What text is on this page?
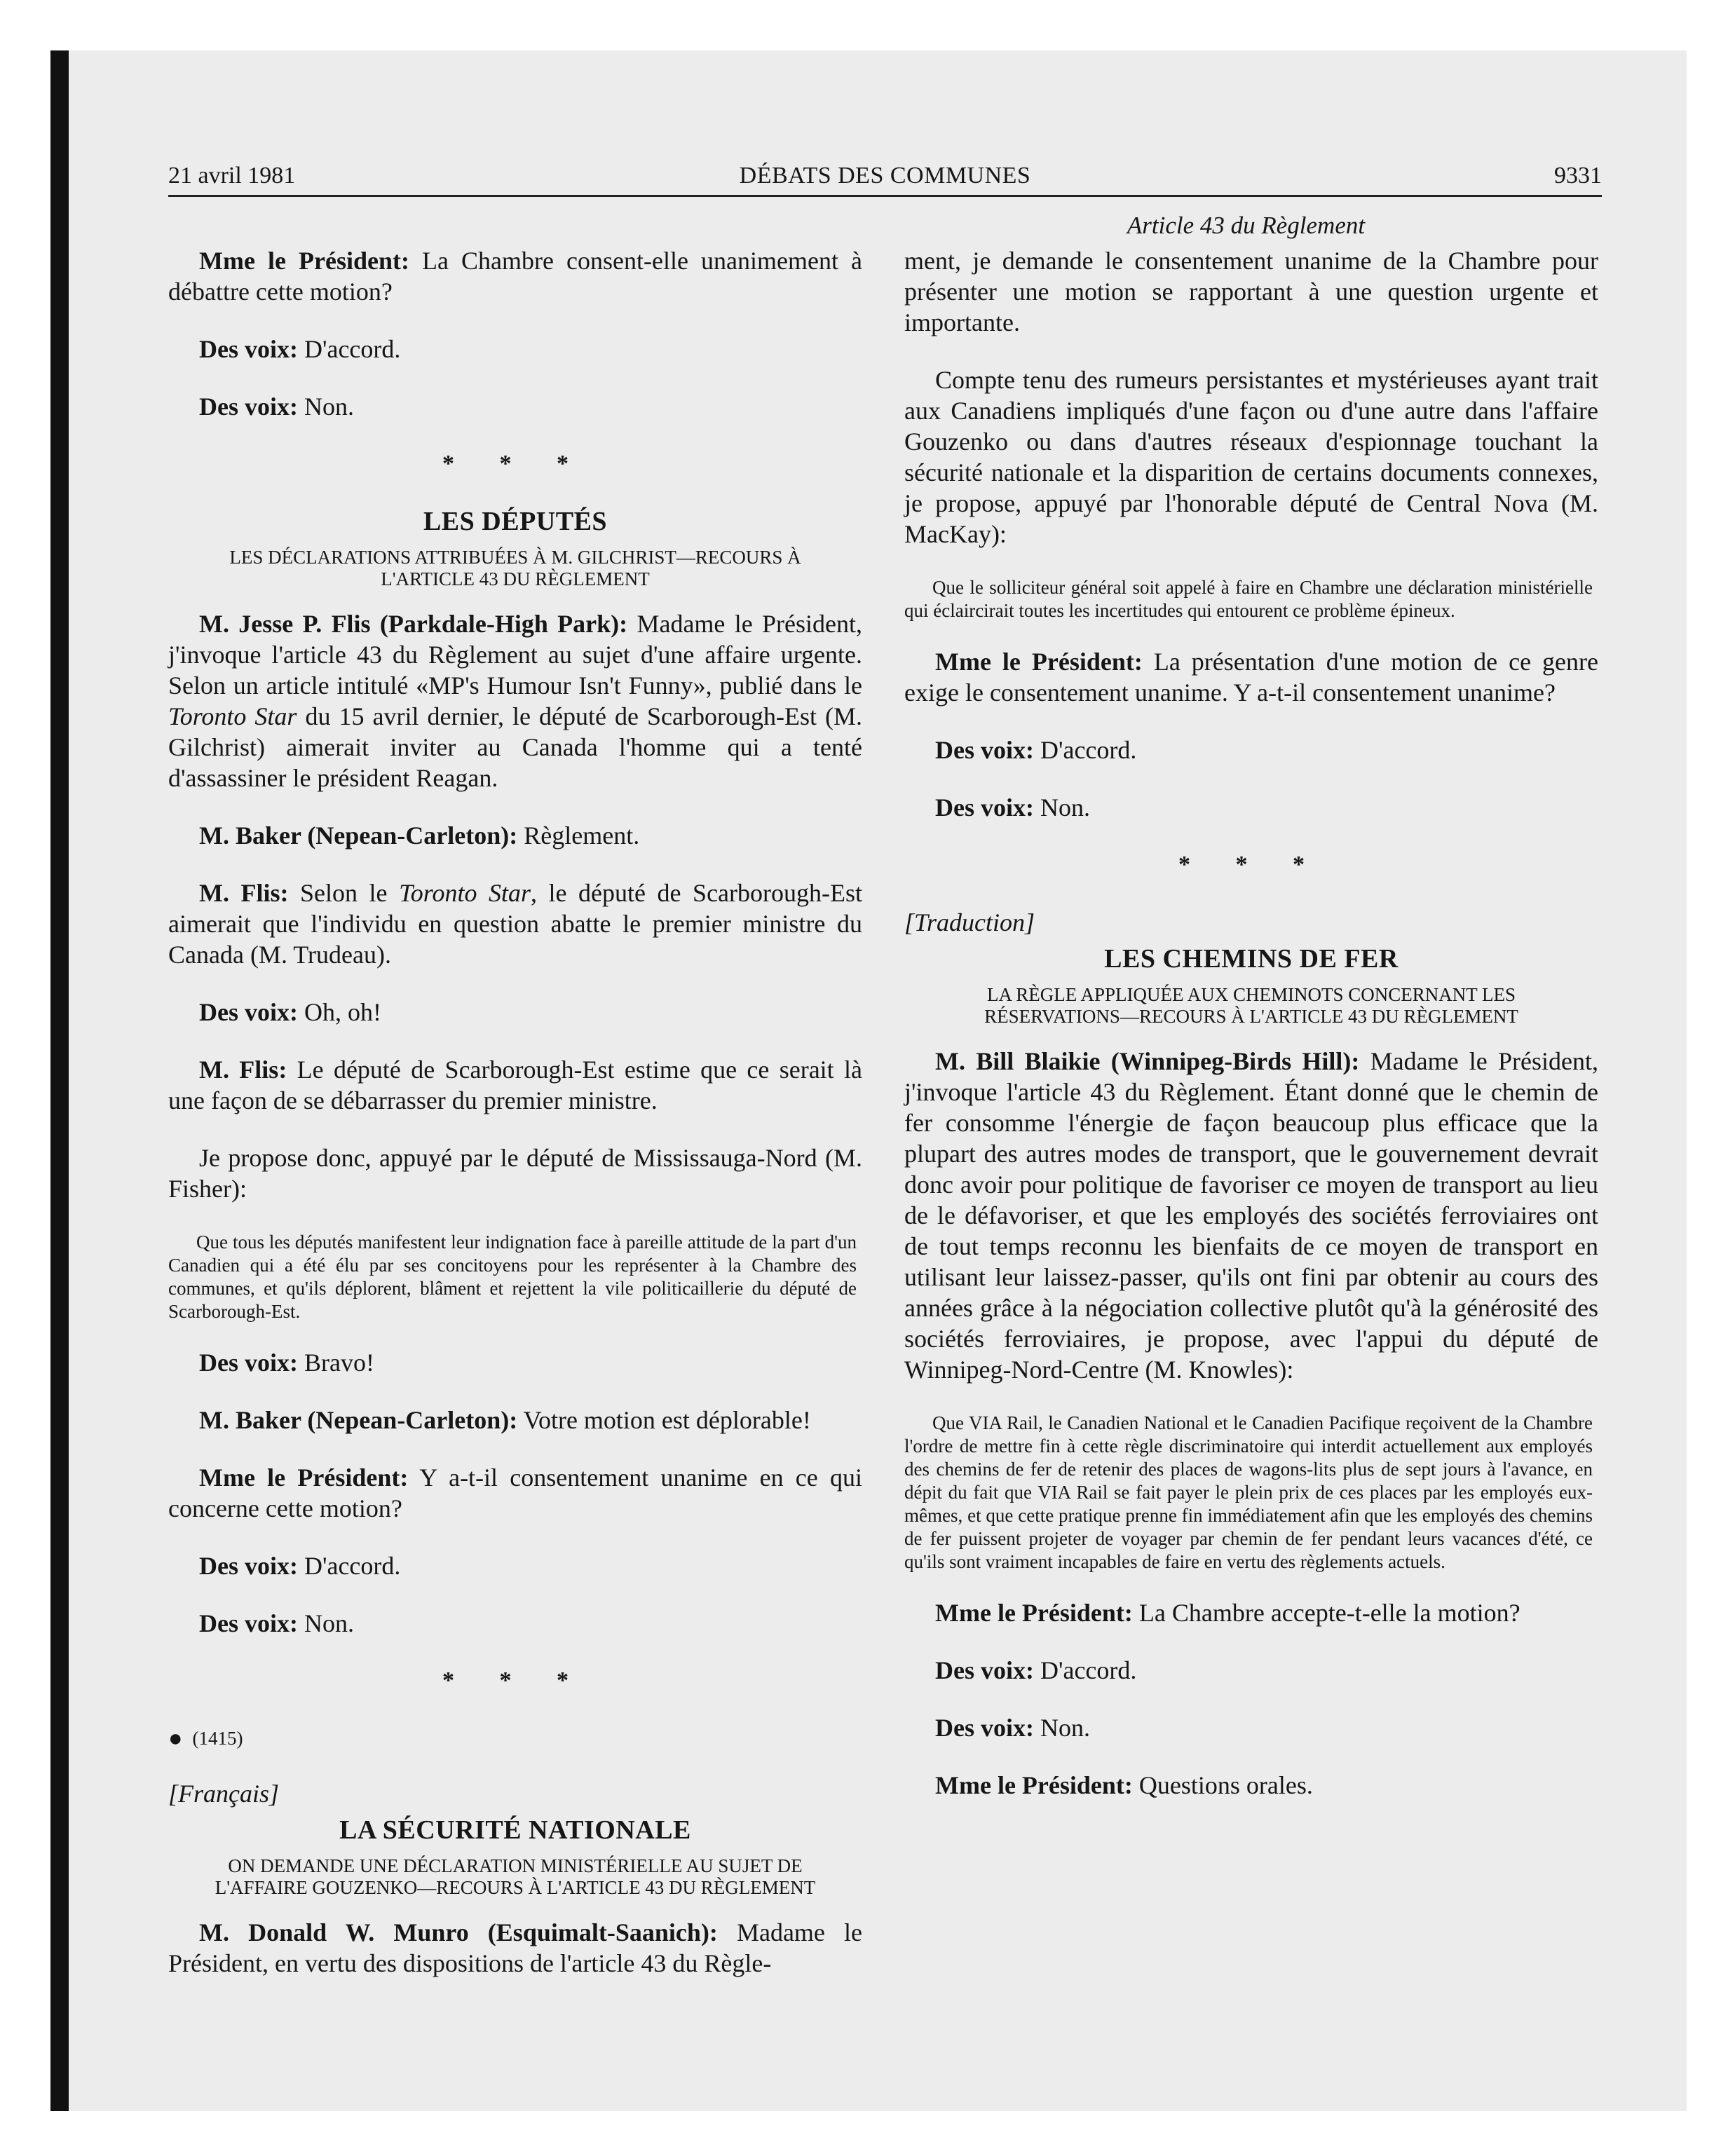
21 avril 1981	DÉBATS DES COMMUNES	9331
Article 43 du Règlement

Mme le Président: La Chambre consent-elle unanimement à débattre cette motion?

Des voix: D'accord.

Des voix: Non.

* * *

LES DÉPUTÉS

LES DÉCLARATIONS ATTRIBUÉES À M. GILCHRIST—RECOURS À L'ARTICLE 43 DU RÈGLEMENT

M. Jesse P. Flis (Parkdale-High Park): Madame le Président, j'invoque l'article 43 du Règlement au sujet d'une affaire urgente. Selon un article intitulé «MP's Humour Isn't Funny», publié dans le Toronto Star du 15 avril dernier, le député de Scarborough-Est (M. Gilchrist) aimerait inviter au Canada l'homme qui a tenté d'assassiner le président Reagan.

M. Baker (Nepean-Carleton): Règlement.

M. Flis: Selon le Toronto Star, le député de Scarborough-Est aimerait que l'individu en question abatte le premier ministre du Canada (M. Trudeau).

Des voix: Oh, oh!

M. Flis: Le député de Scarborough-Est estime que ce serait là une façon de se débarrasser du premier ministre.

Je propose donc, appuyé par le député de Mississauga-Nord (M. Fisher):

Que tous les députés manifestent leur indignation face à pareille attitude de la part d'un Canadien qui a été élu par ses concitoyens pour les représenter à la Chambre des communes, et qu'ils déplorent, blâment et rejettent la vile politicaillerie du député de Scarborough-Est.

Des voix: Bravo!

M. Baker (Nepean-Carleton): Votre motion est déplorable!

Mme le Président: Y a-t-il consentement unanime en ce qui concerne cette motion?

Des voix: D'accord.

Des voix: Non.

* * *

● (1415)

[Français]

LA SÉCURITÉ NATIONALE

ON DEMANDE UNE DÉCLARATION MINISTÉRIELLE AU SUJET DE L'AFFAIRE GOUZENKO—RECOURS À L'ARTICLE 43 DU RÈGLEMENT

M. Donald W. Munro (Esquimalt-Saanich): Madame le Président, en vertu des dispositions de l'article 43 du Règle-

ment, je demande le consentement unanime de la Chambre pour présenter une motion se rapportant à une question urgente et importante.

Compte tenu des rumeurs persistantes et mystérieuses ayant trait aux Canadiens impliqués d'une façon ou d'une autre dans l'affaire Gouzenko ou dans d'autres réseaux d'espionnage touchant la sécurité nationale et la disparition de certains documents connexes, je propose, appuyé par l'honorable député de Central Nova (M. MacKay):

Que le solliciteur général soit appelé à faire en Chambre une déclaration ministérielle qui éclaircirait toutes les incertitudes qui entourent ce problème épineux.

Mme le Président: La présentation d'une motion de ce genre exige le consentement unanime. Y a-t-il consentement unanime?

Des voix: D'accord.

Des voix: Non.

* * *

[Traduction]

LES CHEMINS DE FER

LA RÈGLE APPLIQUÉE AUX CHEMINOTS CONCERNANT LES RÉSERVATIONS—RECOURS À L'ARTICLE 43 DU RÈGLEMENT

M. Bill Blaikie (Winnipeg-Birds Hill): Madame le Président, j'invoque l'article 43 du Règlement. Étant donné que le chemin de fer consomme l'énergie de façon beaucoup plus efficace que la plupart des autres modes de transport, que le gouvernement devrait donc avoir pour politique de favoriser ce moyen de transport au lieu de le défavoriser, et que les employés des sociétés ferroviaires ont de tout temps reconnu les bienfaits de ce moyen de transport en utilisant leur laissez-passer, qu'ils ont fini par obtenir au cours des années grâce à la négociation collective plutôt qu'à la générosité des sociétés ferroviaires, je propose, avec l'appui du député de Winnipeg-Nord-Centre (M. Knowles):

Que VIA Rail, le Canadien National et le Canadien Pacifique reçoivent de la Chambre l'ordre de mettre fin à cette règle discriminatoire qui interdit actuellement aux employés des chemins de fer de retenir des places de wagons-lits plus de sept jours à l'avance, en dépit du fait que VIA Rail se fait payer le plein prix de ces places par les employés eux-mêmes, et que cette pratique prenne fin immédiatement afin que les employés des chemins de fer puissent projeter de voyager par chemin de fer pendant leurs vacances d'été, ce qu'ils sont vraiment incapables de faire en vertu des règlements actuels.

Mme le Président: La Chambre accepte-t-elle la motion?

Des voix: D'accord.

Des voix: Non.

Mme le Président: Questions orales.
